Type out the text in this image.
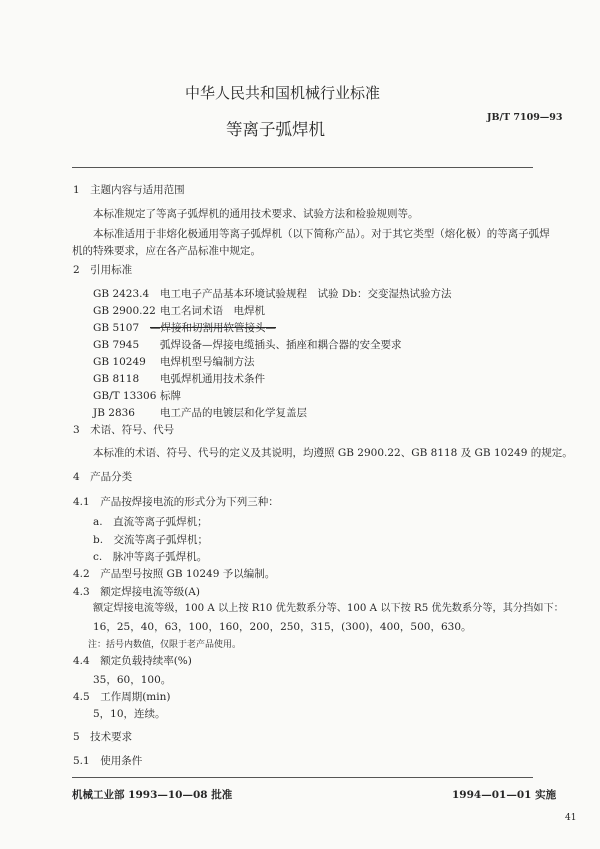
中华人民共和国机械行业标准
JB/T 7109—93
等离子弧焊机
1　主题内容与适用范围
本标准规定了等离子弧焊机的通用技术要求、试验方法和检验规则等。
本标准适用于非熔化极通用等离子弧焊机（以下简称产品）。对于其它类型（熔化极）的等离子弧焊
机的特殊要求，应在各产品标准中规定。
2　引用标准
GB 2423.4 电工电子产品基本环境试验规程　试验 Db：交变湿热试验方法
GB 2900.22 电工名词术语　电焊机
GB 5107 —焊接和切割用软管接头—
GB 7945 弧焊设备—焊接电缆插头、插座和耦合器的安全要求
GB 10249 电焊机型号编制方法
GB 8118 电弧焊机通用技术条件
GB/T 13306 标牌
JB 2836 电工产品的电镀层和化学复盖层
3　术语、符号、代号
本标准的术语、符号、代号的定义及其说明，均遵照 GB 2900.22、GB 8118 及 GB 10249 的规定。
4　产品分类
4.1　产品按焊接电流的形式分为下列三种：
a.　直流等离子弧焊机；
b.　交流等离子弧焊机；
c.　脉冲等离子弧焊机。
4.2　产品型号按照 GB 10249 予以编制。
4.3　额定焊接电流等级(A)
额定焊接电流等级，100 A 以上按 R10 优先数系分等、100 A 以下按 R5 优先数系分等，其分挡如下：
16，25，40，63，100，160，200，250，315，(300)，400，500，630。
注：括号内数值，仅限于老产品使用。
4.4　额定负载持续率(%)
35，60，100。
4.5　工作周期(min)
5，10，连续。
5　技术要求
5.1　使用条件
机械工业部 1993—10—08 批准	1994—01—01 实施
41
